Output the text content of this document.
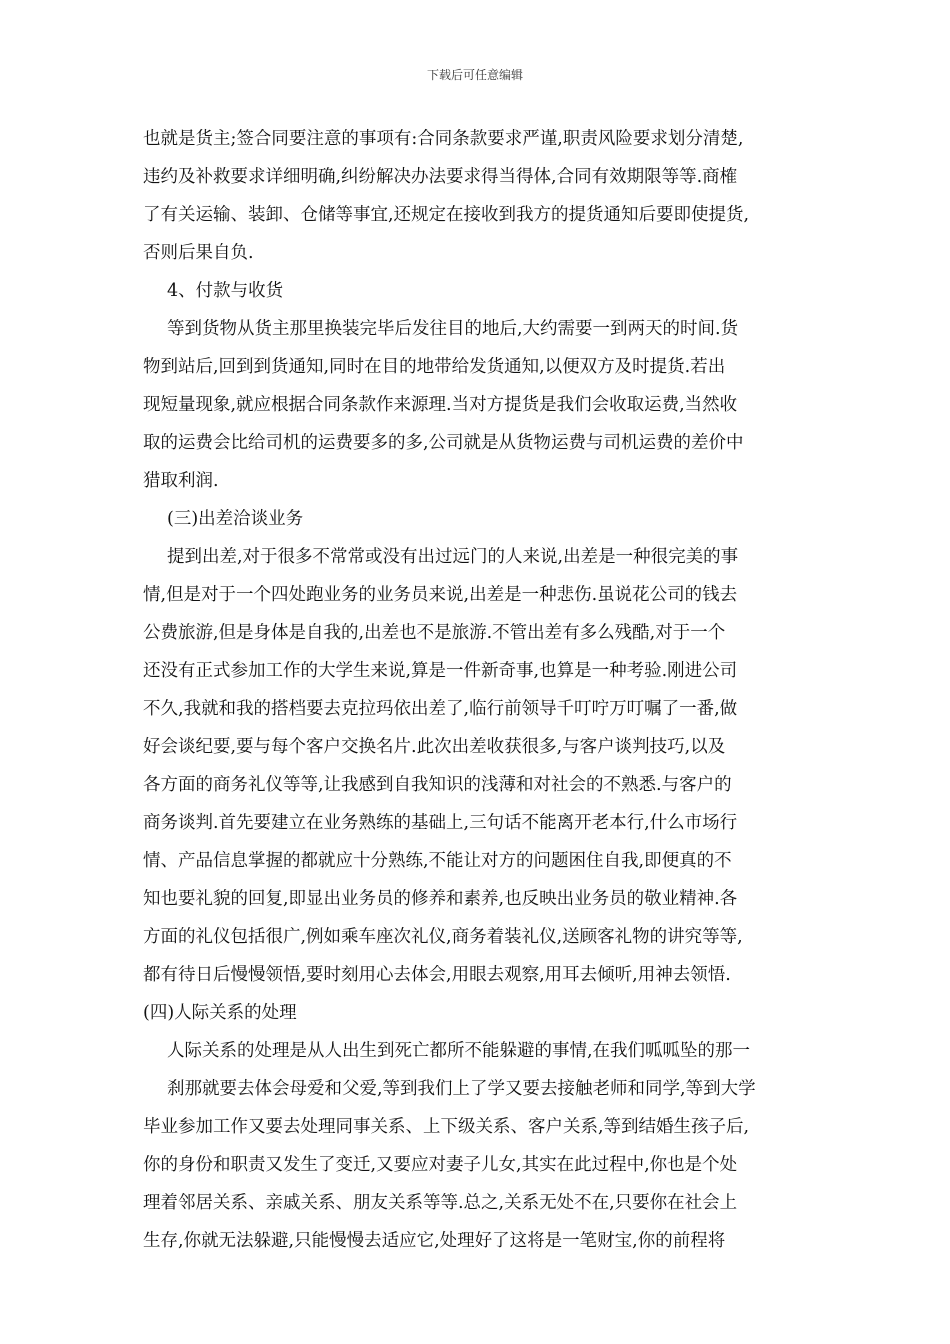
下载后可任意编辑
也就是货主;签合同要注意的事项有:合同条款要求严谨,职责风险要求划分清楚,
违约及补救要求详细明确,纠纷解决办法要求得当得体,合同有效期限等等.商榷
了有关运输、装卸、仓储等事宜,还规定在接收到我方的提货通知后要即使提货,
否则后果自负.
4、付款与收货
等到货物从货主那里换装完毕后发往目的地后,大约需要一到两天的时间.货
物到站后,回到到货通知,同时在目的地带给发货通知,以便双方及时提货.若出
现短量现象,就应根据合同条款作来源理.当对方提货是我们会收取运费,当然收
取的运费会比给司机的运费要多的多,公司就是从货物运费与司机运费的差价中
猎取利润.
(三)出差洽谈业务
提到出差,对于很多不常常或没有出过远门的人来说,出差是一种很完美的事
情,但是对于一个四处跑业务的业务员来说,出差是一种悲伤.虽说花公司的钱去
公费旅游,但是身体是自我的,出差也不是旅游.不管出差有多么残酷,对于一个
还没有正式参加工作的大学生来说,算是一件新奇事,也算是一种考验.刚进公司
不久,我就和我的搭档要去克拉玛依出差了,临行前领导千叮咛万叮嘱了一番,做
好会谈纪要,要与每个客户交换名片.此次出差收获很多,与客户谈判技巧,以及
各方面的商务礼仪等等,让我感到自我知识的浅薄和对社会的不熟悉.与客户的
商务谈判.首先要建立在业务熟练的基础上,三句话不能离开老本行,什么市场行
情、产品信息掌握的都就应十分熟练,不能让对方的问题困住自我,即便真的不
知也要礼貌的回复,即显出业务员的修养和素养,也反映出业务员的敬业精神.各
方面的礼仪包括很广,例如乘车座次礼仪,商务着装礼仪,送顾客礼物的讲究等等,
都有待日后慢慢领悟,要时刻用心去体会,用眼去观察,用耳去倾听,用神去领悟.
(四)人际关系的处理
人际关系的处理是从人出生到死亡都所不能躲避的事情,在我们呱呱坠的那一
刹那就要去体会母爱和父爱,等到我们上了学又要去接触老师和同学,等到大学
毕业参加工作又要去处理同事关系、上下级关系、客户关系,等到结婚生孩子后,
你的身份和职责又发生了变迁,又要应对妻子儿女,其实在此过程中,你也是个处
理着邻居关系、亲戚关系、朋友关系等等.总之,关系无处不在,只要你在社会上
生存,你就无法躲避,只能慢慢去适应它,处理好了这将是一笔财宝,你的前程将
